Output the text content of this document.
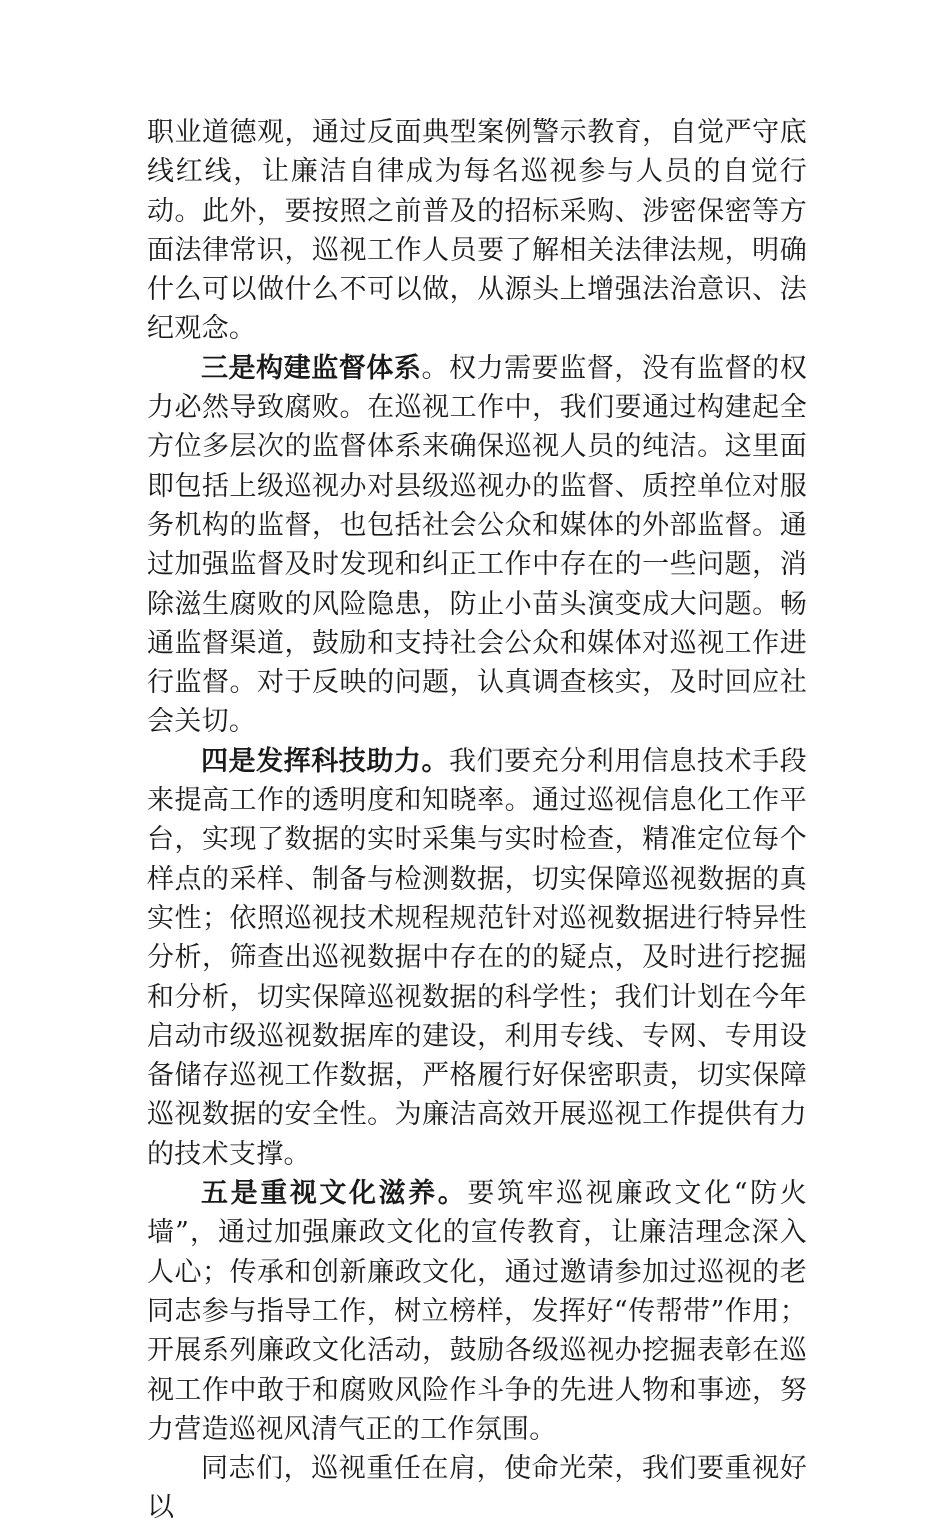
职业道德观，通过反面典型案例警示教育，自觉严守底线红线，让廉洁自律成为每名巡视参与人员的自觉行动。此外，要按照之前普及的招标采购、涉密保密等方面法律常识，巡视工作人员要了解相关法律法规，明确什么可以做什么不可以做，从源头上增强法治意识、法纪观念。

三是构建监督体系。权力需要监督，没有监督的权力必然导致腐败。在巡视工作中，我们要通过构建起全方位多层次的监督体系来确保巡视人员的纯洁。这里面即包括上级巡视办对县级巡视办的监督、质控单位对服务机构的监督，也包括社会公众和媒体的外部监督。通过加强监督及时发现和纠正工作中存在的一些问题，消除滋生腐败的风险隐患，防止小苗头演变成大问题。畅通监督渠道，鼓励和支持社会公众和媒体对巡视工作进行监督。对于反映的问题，认真调查核实，及时回应社会关切。

四是发挥科技助力。我们要充分利用信息技术手段来提高工作的透明度和知晓率。通过巡视信息化工作平台，实现了数据的实时采集与实时检查，精准定位每个样点的采样、制备与检测数据，切实保障巡视数据的真实性；依照巡视技术规程规范针对巡视数据进行特异性分析，筛查出巡视数据中存在的的疑点，及时进行挖掘和分析，切实保障巡视数据的科学性；我们计划在今年启动市级巡视数据库的建设，利用专线、专网、专用设备储存巡视工作数据，严格履行好保密职责，切实保障巡视数据的安全性。为廉洁高效开展巡视工作提供有力的技术支撑。

五是重视文化滋养。要筑牢巡视廉政文化“防火墙”，通过加强廉政文化的宣传教育，让廉洁理念深入人心；传承和创新廉政文化，通过邀请参加过巡视的老同志参与指导工作，树立榜样，发挥好“传帮带”作用；开展系列廉政文化活动，鼓励各级巡视办挖掘表彰在巡视工作中敢于和腐败风险作斗争的先进人物和事迹，努力营造巡视风清气正的工作氛围。

同志们，巡视重任在肩，使命光荣，我们要重视好以
